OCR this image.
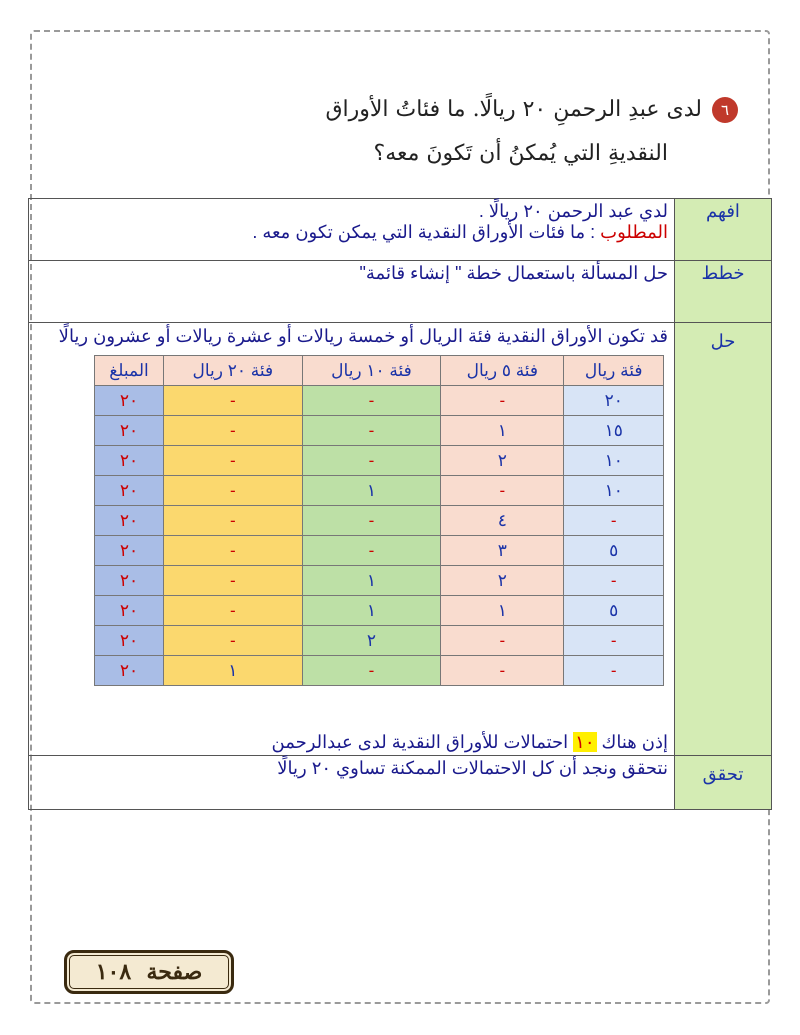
٦لدى عبدِ الرحمنِ ٢٠ ريالًا. ما فئاتُ الأوراق
النقديةِ التي يُمكنُ أن تَكونَ معه؟
افهم	
لدي عبد الرحمن ٢٠ ريالًا .
المطلوب : ما فئات الأوراق النقدية التي يمكن تكون معه .

خطط	حل المسألة باستعمال خطة " إنشاء قائمة"
حل	
قد تكون الأوراق النقدية فئة الريال أو خمسة ريالات أو عشرة ريالات أو عشرون ريالًا
فئة ريال	فئة ٥ ريال	فئة ١٠ ريال	فئة ٢٠ ريال	المبلغ
٢٠	-	-	-	٢٠
١٥	١	-	-	٢٠
١٠	٢	-	-	٢٠
١٠	-	١	-	٢٠
-	٤	-	-	٢٠
٥	٣	-	-	٢٠
-	٢	١	-	٢٠
٥	١	١	-	٢٠
-	-	٢	-	٢٠
-	-	-	١	٢٠
إذن هناك ١٠ احتمالات للأوراق النقدية لدى عبدالرحمن

تحقق	نتحقق ونجد أن كل الاحتمالات الممكنة تساوي ٢٠ ريالًا
صفحة  ١٠٨
